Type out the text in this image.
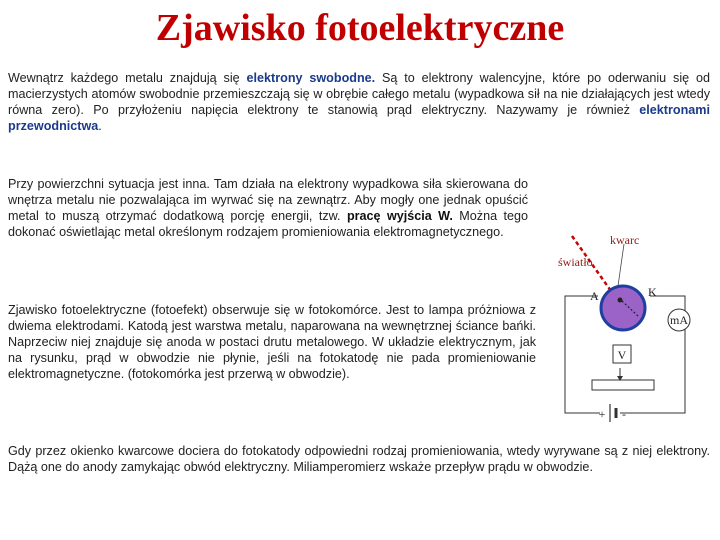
Zjawisko fotoelektryczne

Wewnątrz każdego metalu znajdują się elektrony swobodne. Są to elektrony walencyjne, które po oderwaniu się od macierzystych atomów swobodnie przemieszczają się w obrębie całego metalu (wypadkowa sił na nie działających jest wtedy równa zero). Po przyłożeniu napięcia elektrony te stanowią prąd elektryczny. Nazywamy je również elektronami przewodnictwa.

Przy powierzchni sytuacja jest inna. Tam działa na elektrony wypadkowa siła skierowana do wnętrza metalu nie pozwalająca im wyrwać się na zewnątrz. Aby mogły one jednak opuścić metal to muszą otrzymać dodatkową porcję energii, tzw. pracę wyjścia W. Można tego dokonać oświetlając metal określonym rodzajem promieniowania elektromagnetycznego.

Zjawisko fotoelektryczne (fotoefekt) obserwuje się w fotokomórce. Jest to lampa próżniowa z dwiema elektrodami. Katodą jest warstwa metalu, naparowana na wewnętrznej ściance bańki. Naprzeciw niej znajduje się anoda w postaci drutu metalowego. W układzie elektrycznym, jak na rysunku, prąd w obwodzie nie płynie, jeśli na fotokatodę nie pada promieniowanie elektromagnetyczne. (fotokomórka jest przerwą w obwodzie).

Gdy przez okienko kwarcowe dociera do fotokatody odpowiedni rodzaj promieniowania, wtedy wyrywane są z niej elektrony. Dążą one do anody zamykając obwód elektryczny. Miliamperomierz wskaże przepływ prądu w obwodzie.

kwarc
światło
A	K
mA
V
+ -
